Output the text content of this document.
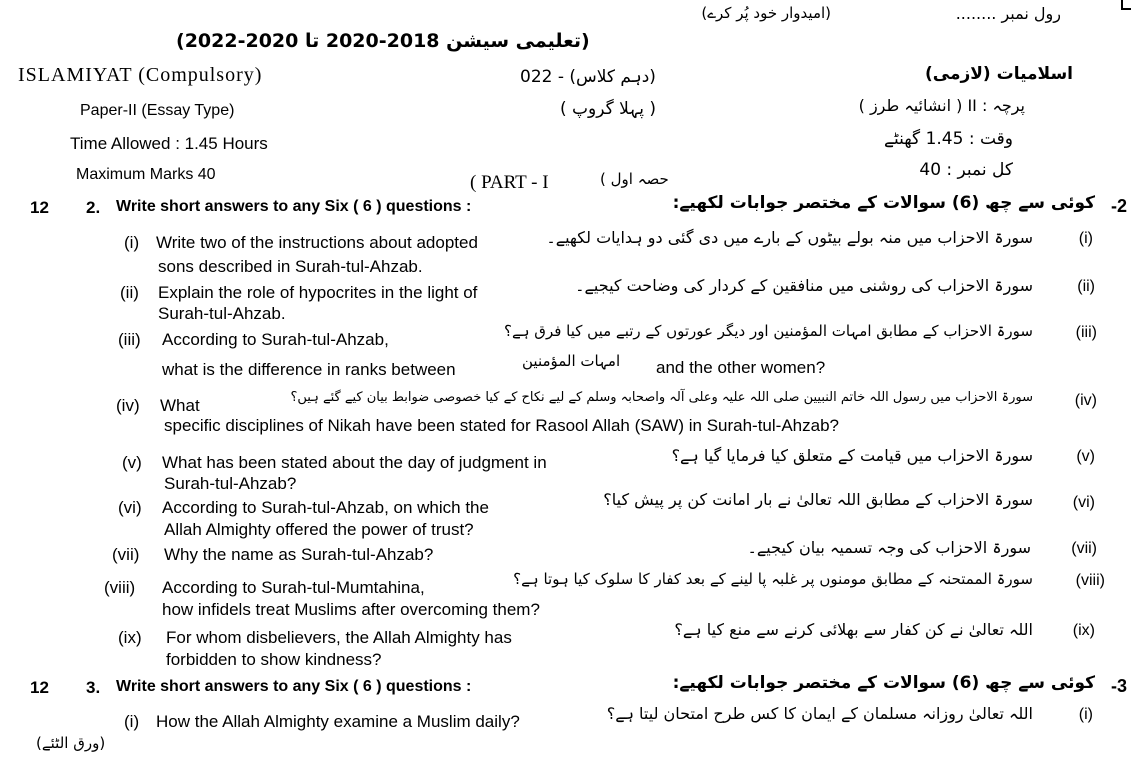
رول نمبر ........
(امیدوار خود پُر کرے)
(تعلیمی سیشن 2018-2020 تا 2020-2022)
ISLAMIYAT (Compulsory)	(دہم کلاس) - 022	اسلامیات (لازمی)
Paper-II (Essay Type)	( پہلا گروپ )	پرچہ : II ( انشائیہ طرز )
Time Allowed : 1.45 Hours	وقت : 1.45 گھنٹے
Maximum Marks 40	( PART - I	حصہ اول )	کل نمبر : 40
12 2. Write short answers to any Six ( 6 ) questions :	کوئی سے چھ (6) سوالات کے مختصر جوابات لکھیے: -2
(i) Write two of the instructions about adopted
sons described in Surah-tul-Ahzab.
سورۃ الاحزاب میں منہ بولے بیٹوں کے بارے میں دی گئی دو ہدایات لکھیے۔	(i)
(ii) Explain the role of hypocrites in the light of
Surah-tul-Ahzab.
سورۃ الاحزاب کی روشنی میں منافقین کے کردار کی وضاحت کیجیے۔	(ii)
(iii) According to Surah-tul-Ahzab,
what is the difference in ranks between	امہات المؤمنین and the other women?
سورۃ الاحزاب کے مطابق امہات المؤمنین اور دیگر عورتوں کے رتبے میں کیا فرق ہے؟	(iii)
(iv) What
specific disciplines of Nikah have been stated for Rasool Allah (SAW) in Surah-tul-Ahzab?
سورۃ الاحزاب میں رسول اللہ خاتم النبیین صلی اللہ علیہ وعلی آلہ واصحابہ وسلم کے لیے نکاح کے کیا خصوصی ضوابط بیان کیے گئے ہیں؟	(iv)
(v) What has been stated about the day of judgment in
Surah-tul-Ahzab?
سورۃ الاحزاب میں قیامت کے متعلق کیا فرمایا گیا ہے؟	(v)
(vi) According to Surah-tul-Ahzab, on which the
Allah Almighty offered the power of trust?
سورۃ الاحزاب کے مطابق اللہ تعالیٰ نے بار امانت کن پر پیش کیا؟ (vi)
(vii) Why the name as Surah-tul-Ahzab?	سورۃ الاحزاب کی وجہ تسمیہ بیان کیجیے۔	(vii)
(viii) According to Surah-tul-Mumtahina,
how infidels treat Muslims after overcoming them?
سورۃ الممتحنہ کے مطابق مومنوں پر غلبہ پا لینے کے بعد کفار کا سلوک کیا ہوتا ہے؟	(viii)
(ix) For whom disbelievers, the Allah Almighty has
forbidden to show kindness?
اللہ تعالیٰ نے کن کفار سے بھلائی کرنے سے منع کیا ہے؟ (ix)
12 3. Write short answers to any Six ( 6 ) questions :	کوئی سے چھ (6) سوالات کے مختصر جوابات لکھیے: -3
(i) How the Allah Almighty examine a Muslim daily?	اللہ تعالیٰ روزانہ مسلمان کے ایمان کا کس طرح امتحان لیتا ہے؟	(i)
(ورق الٹئے)
